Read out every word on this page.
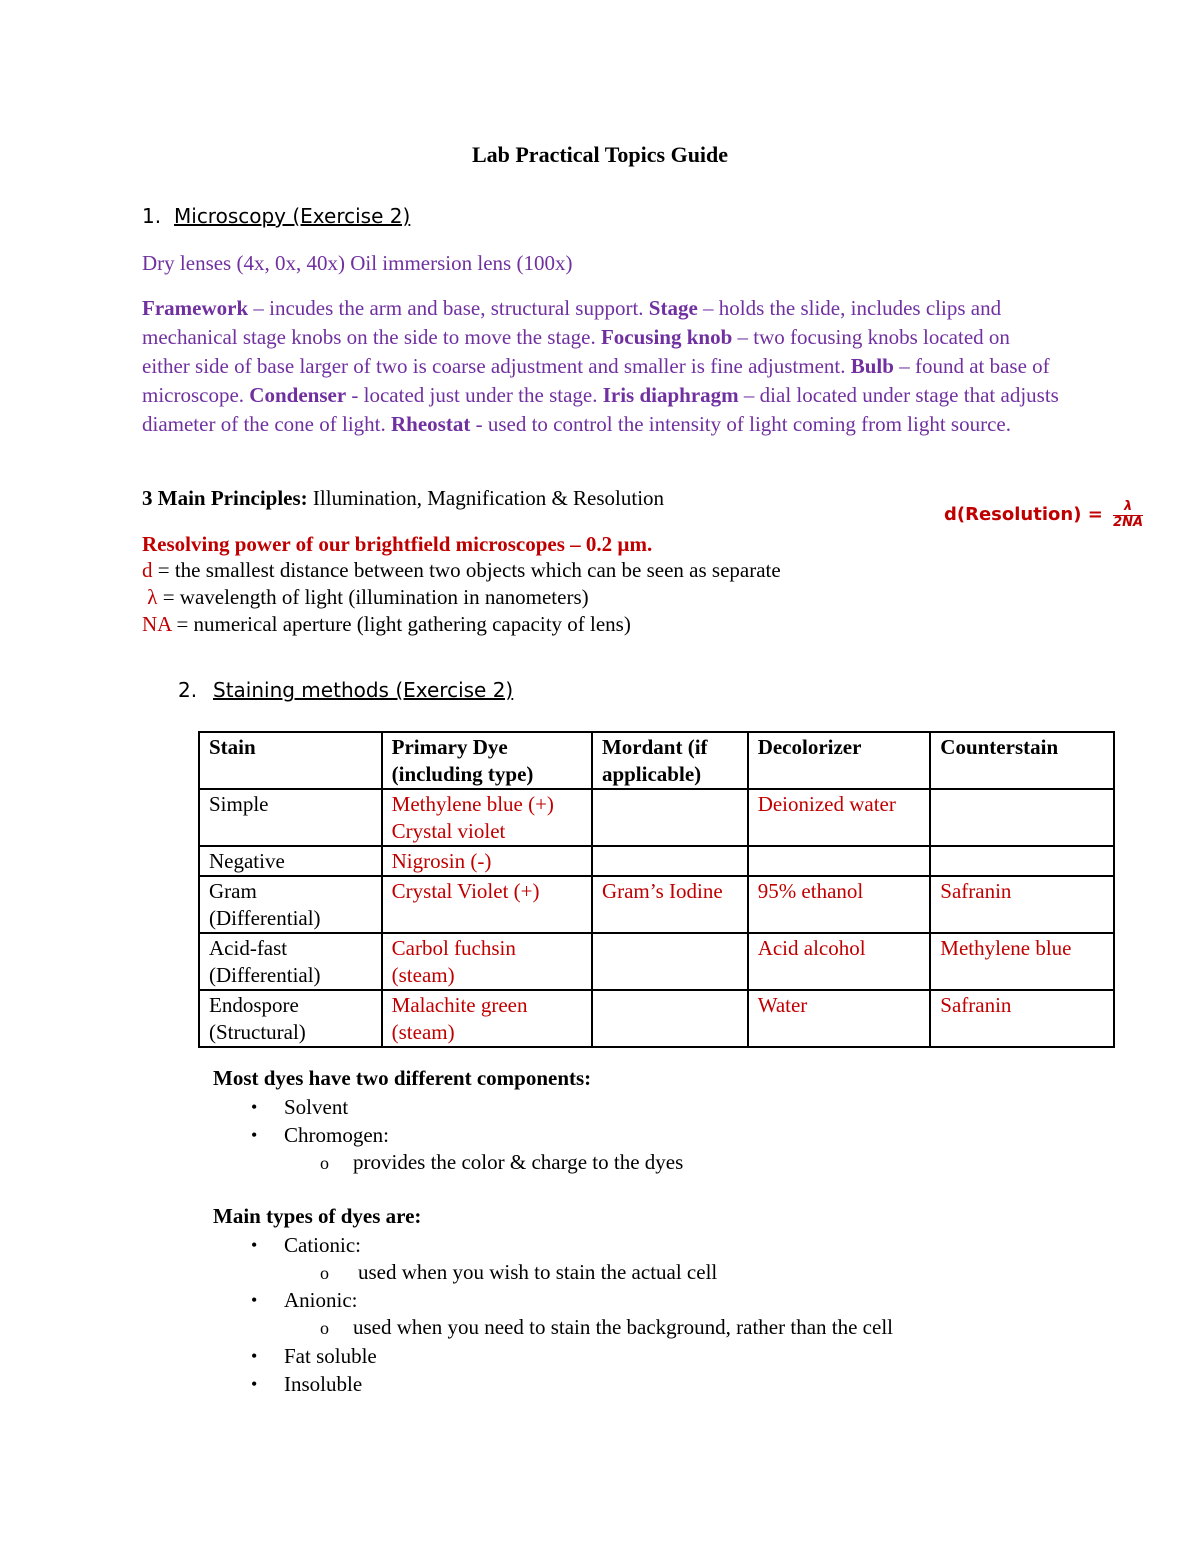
Lab Practical Topics Guide
1. Microscopy (Exercise 2)
Dry lenses (4x, 0x, 40x) Oil immersion lens (100x)
Framework – incudes the arm and base, structural support. Stage – holds the slide, includes clips and mechanical stage knobs on the side to move the stage. Focusing knob – two focusing knobs located on either side of base larger of two is coarse adjustment and smaller is fine adjustment. Bulb – found at base of microscope. Condenser - located just under the stage. Iris diaphragm – dial located under stage that adjusts diameter of the cone of light. Rheostat - used to control the intensity of light coming from light source.
3 Main Principles: Illumination, Magnification & Resolution
d(Resolution) = $\frac{\lambda}{2NA}$
Resolving power of our brightfield microscopes – 0.2 µm.
d = the smallest distance between two objects which can be seen as separate
λ = wavelength of light (illumination in nanometers)
NA = numerical aperture (light gathering capacity of lens)
2. Staining methods (Exercise 2)
Stain	Primary Dye (including type)	Mordant (if applicable)	Decolorizer	Counterstain
Simple	Methylene blue (+) Crystal violet		Deionized water	
Negative	Nigrosin (-)			
Gram (Differential)	Crystal Violet (+)	Gram’s Iodine	95% ethanol	Safranin
Acid-fast (Differential)	Carbol fuchsin (steam)		Acid alcohol	Methylene blue
Endospore (Structural)	Malachite green (steam)		Water	Safranin
Most dyes have two different components:
• Solvent
• Chromogen:
o provides the color & charge to the dyes
Main types of dyes are:
• Cationic:
o used when you wish to stain the actual cell
• Anionic:
o used when you need to stain the background, rather than the cell
• Fat soluble
• Insoluble
